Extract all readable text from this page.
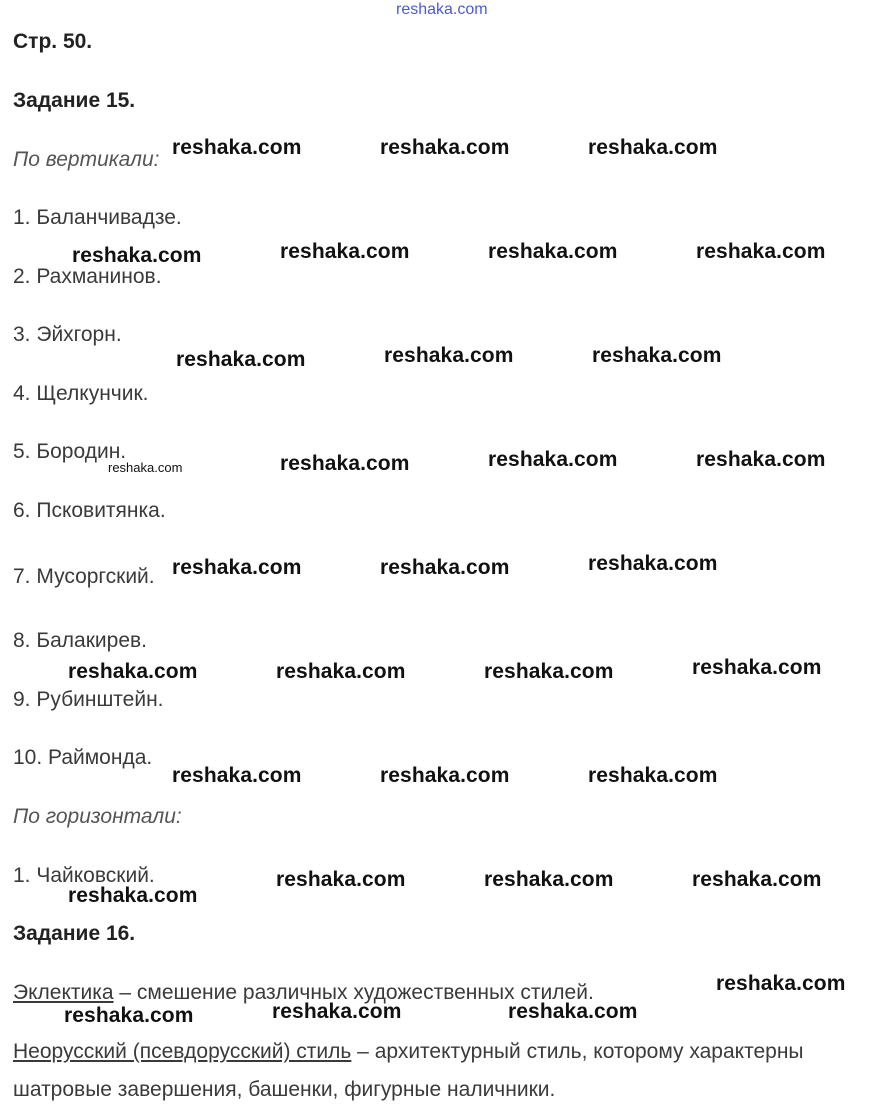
reshaka.com
Стр. 50.
Задание 15.
По вертикали:
1. Баланчивадзе.
2. Рахманинов.
3. Эйхгорн.
4. Щелкунчик.
5. Бородин.
6. Псковитянка.
7. Мусоргский.
8. Балакирев.
9. Рубинштейн.
10. Раймонда.
По горизонтали:
1. Чайковский.
Задание 16.
Эклектика – смешение различных художественных стилей.
Неорусский (псевдорусский) стиль – архитектурный стиль, которому характерны
шатровые завершения, башенки, фигурные наличники.
reshaka.com	reshaka.com	reshaka.com
reshaka.com	reshaka.com	reshaka.com	reshaka.com
reshaka.com	reshaka.com	reshaka.com
reshaka.com	reshaka.com	reshaka.com	reshaka.com
reshaka.com	reshaka.com	reshaka.com
reshaka.com	reshaka.com	reshaka.com	reshaka.com
reshaka.com	reshaka.com	reshaka.com
reshaka.com
reshaka.com	reshaka.com	reshaka.com
reshaka.com
reshaka.com	reshaka.com	reshaka.com
